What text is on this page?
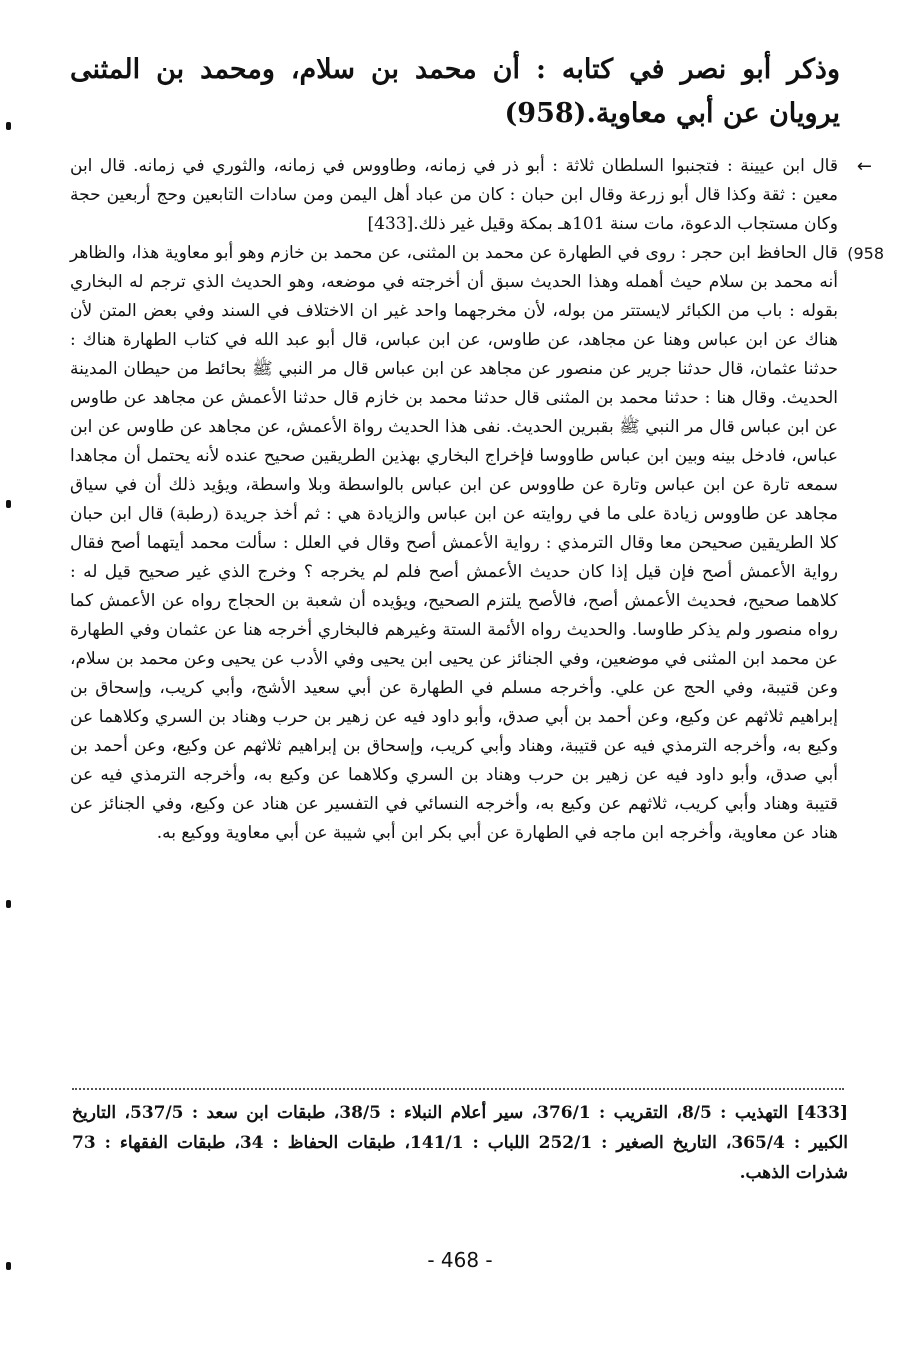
وذكر أبو نصر في كتابه : أن محمد بن سلام، ومحمد بن المثنى يرويان عن أبي معاوية.(958)

←
قال ابن عيينة : فتجنبوا السلطان ثلاثة : أبو ذر في زمانه، وطاووس في زمانه، والثوري في زمانه. قال ابن معين : ثقة وكذا قال أبو زرعة وقال ابن حبان : كان من عباد أهل اليمن ومن سادات التابعين وحج أربعين حجة وكان مستجاب الدعوة، مات سنة 101هـ بمكة وقيل غير ذلك.[433]

958)
قال الحافظ ابن حجر : روى في الطهارة عن محمد بن المثنى، عن محمد بن خازم وهو أبو معاوية هذا، والظاهر أنه محمد بن سلام حيث أهمله وهذا الحديث سبق أن أخرجته في موضعه، وهو الحديث الذي ترجم له البخاري بقوله : باب من الكبائر لايستتر من بوله، لأن مخرجهما واحد غير ان الاختلاف في السند وفي بعض المتن لأن هناك عن ابن عباس وهنا عن مجاهد، عن طاوس، عن ابن عباس، قال أبو عبد الله في كتاب الطهارة هناك : حدثنا عثمان، قال حدثنا جرير عن منصور عن مجاهد عن ابن عباس قال مر النبي ﷺ بحائط من حيطان المدينة الحديث. وقال هنا : حدثنا محمد بن المثنى قال حدثنا محمد بن خازم قال حدثنا الأعمش عن مجاهد عن طاوس عن ابن عباس قال مر النبي ﷺ بقبرين الحديث. نفى هذا الحديث رواة الأعمش، عن مجاهد عن طاوس عن ابن عباس، فادخل بينه وبين ابن عباس طاووسا فإخراج البخاري بهذين الطريقين صحيح عنده لأنه يحتمل أن مجاهدا سمعه تارة عن ابن عباس وتارة عن طاووس عن ابن عباس بالواسطة وبلا واسطة، ويؤيد ذلك أن في سياق مجاهد عن طاووس زيادة على ما في روايته عن ابن عباس والزيادة هي : ثم أخذ جريدة (رطبة) قال ابن حبان كلا الطريقين صحيحن معا وقال الترمذي : رواية الأعمش أصح وقال في العلل : سألت محمد أيتهما أصح فقال رواية الأعمش أصح فإن قيل إذا كان حديث الأعمش أصح فلم لم يخرجه ؟ وخرج الذي غير صحيح قيل له : كلاهما صحيح، فحديث الأعمش أصح، فالأصح يلتزم الصحيح، ويؤيده أن شعبة بن الحجاج رواه عن الأعمش كما رواه منصور ولم يذكر طاوسا. والحديث رواه الأئمة الستة وغيرهم فالبخاري أخرجه هنا عن عثمان وفي الطهارة عن محمد ابن المثنى في موضعين، وفي الجنائز عن يحيى ابن يحيى وفي الأدب عن يحيى وعن محمد بن سلام، وعن قتيبة، وفي الحج عن علي. وأخرجه مسلم في الطهارة عن أبي سعيد الأشج، وأبي كريب، وإسحاق بن إبراهيم ثلاثهم عن وكيع، وعن أحمد بن أبي صدق، وأبو داود فيه عن زهير بن حرب وهناد بن السري وكلاهما عن وكيع به، وأخرجه الترمذي فيه عن قتيبة، وهناد وأبي كريب، وإسحاق بن إبراهيم ثلاثهم عن وكيع، وعن أحمد بن أبي صدق، وأبو داود فيه عن زهير بن حرب وهناد بن السري وكلاهما عن وكيع به، وأخرجه الترمذي فيه عن قتيبة وهناد وأبي كريب، ثلاثهم عن وكيع به، وأخرجه النسائي في التفسير عن هناد عن وكيع، وفي الجنائز عن هناد عن معاوية، وأخرجه ابن ماجه في الطهارة عن أبي بكر ابن أبي شيبة عن أبي معاوية ووكيع به.

[433] التهذيب : 8/5، التقريب : 376/1، سير أعلام النبلاء : 38/5، طبقات ابن سعد : 537/5، التاريخ الكبير : 365/4، التاريخ الصغير : 252/1 اللباب : 141/1، طبقات الحفاظ : 34، طبقات الفقهاء : 73 شذرات الذهب.
- 468 -
